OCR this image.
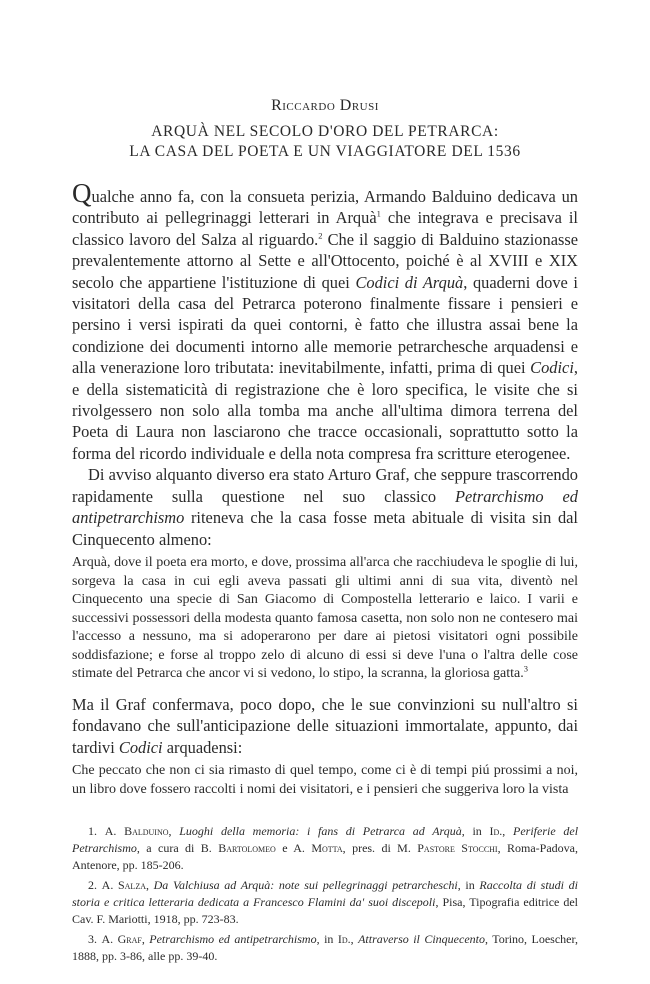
Riccardo Drusi
ARQUÀ NEL SECOLO D'ORO DEL PETRARCA:
LA CASA DEL POETA E UN VIAGGIATORE DEL 1536

Qualche anno fa, con la consueta perizia, Armando Balduino dedicava un contributo ai pellegrinaggi letterari in Arquà$^1$ che integrava e precisava il classico lavoro del Salza al riguardo.$^2$ Che il saggio di Balduino stazionasse prevalentemente attorno al Sette e all'Ottocento, poiché è al XVIII e XIX secolo che appartiene l'istituzione di quei Codici di Arquà, quaderni dove i visitatori della casa del Petrarca poterono finalmente fissare i pensieri e persino i versi ispirati da quei contorni, è fatto che illustra assai bene la condizione dei documenti intorno alle memorie petrarchesche arquadensi e alla venerazione loro tributata: inevitabilmente, infatti, prima di quei Codici, e della sistematicità di registrazione che è loro specifica, le visite che si rivolgessero non solo alla tomba ma anche all'ultima dimora terrena del Poeta di Laura non lasciarono che tracce occasionali, soprattutto sotto la forma del ricordo individuale e della nota compresa fra scritture eterogenee.

Di avviso alquanto diverso era stato Arturo Graf, che seppure trascorrendo rapidamente sulla questione nel suo classico Petrarchismo ed antipetrarchismo riteneva che la casa fosse meta abituale di visita sin dal Cinquecento almeno:

Arquà, dove il poeta era morto, e dove, prossima all'arca che racchiudeva le spoglie di lui, sorgeva la casa in cui egli aveva passati gli ultimi anni di sua vita, diventò nel Cinquecento una specie di San Giacomo di Compostella letterario e laico. I varii e successivi possessori della modesta quanto famosa casetta, non solo non ne contesero mai l'accesso a nessuno, ma si adoperarono per dare ai pietosi visitatori ogni possibile soddisfazione; e forse al troppo zelo di alcuno di essi si deve l'una o l'altra delle cose stimate del Petrarca che ancor vi si vedono, lo stipo, la scranna, la gloriosa gatta.$^3$

Ma il Graf confermava, poco dopo, che le sue convinzioni su null'altro si fondavano che sull'anticipazione delle situazioni immortalate, appunto, dai tardivi Codici arquadensi:

Che peccato che non ci sia rimasto di quel tempo, come ci è di tempi piú prossimi a noi, un libro dove fossero raccolti i nomi dei visitatori, e i pensieri che suggeriva loro la vista
1. A. Balduino, Luoghi della memoria: i fans di Petrarca ad Arquà, in Id., Periferie del Petrarchismo, a cura di B. Bartolomeo e A. Motta, pres. di M. Pastore Stocchi, Roma-Padova, Antenore, pp. 185-206.
2. A. Salza, Da Valchiusa ad Arquà: note sui pellegrinaggi petrarcheschi, in Raccolta di studi di storia e critica letteraria dedicata a Francesco Flamini da' suoi discepoli, Pisa, Tipografia editrice del Cav. F. Mariotti, 1918, pp. 723-83.
3. A. Graf, Petrarchismo ed antipetrarchismo, in Id., Attraverso il Cinquecento, Torino, Loescher, 1888, pp. 3-86, alle pp. 39-40.
